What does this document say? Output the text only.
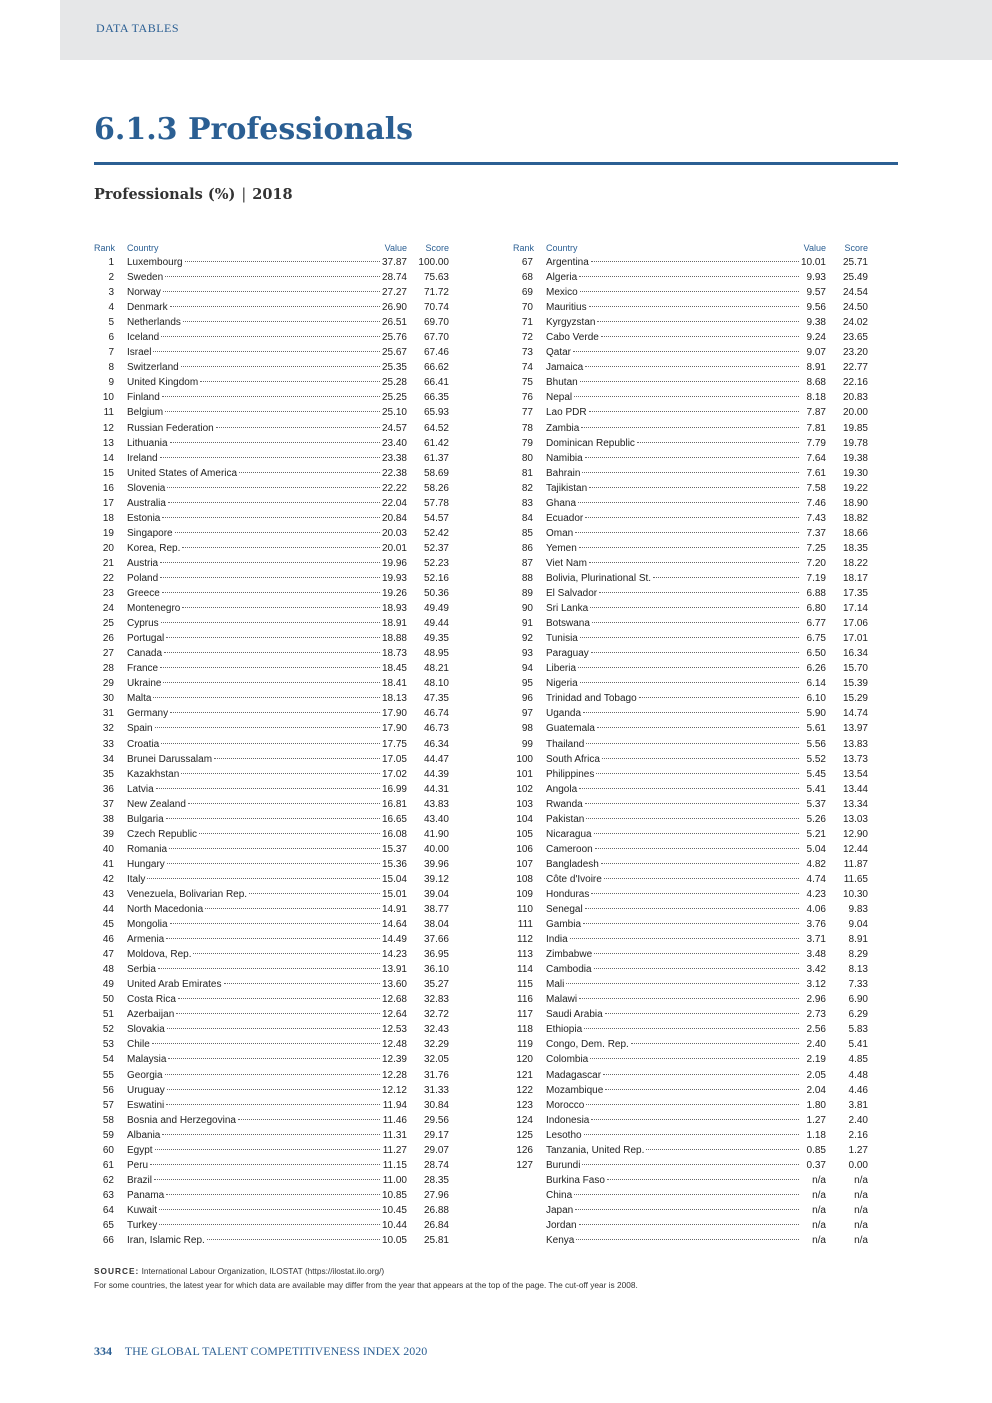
DATA TABLES
6.1.3 Professionals
Professionals (%) | 2018
Rank Country	Value	Score
1 Luxembourg	37.87	100.00
2 Sweden	28.74	75.63
3 Norway	27.27	71.72
4 Denmark	26.90	70.74
5 Netherlands	26.51	69.70
6 Iceland	25.76	67.70
7 Israel	25.67	67.46
8 Switzerland	25.35	66.62
9 United Kingdom	25.28	66.41
10 Finland	25.25	66.35
11 Belgium	25.10	65.93
12 Russian Federation	24.57	64.52
13 Lithuania	23.40	61.42
14 Ireland	23.38	61.37
15 United States of America	22.38	58.69
16 Slovenia	22.22	58.26
17 Australia	22.04	57.78
18 Estonia	20.84	54.57
19 Singapore	20.03	52.42
20 Korea, Rep.	20.01	52.37
21 Austria	19.96	52.23
22 Poland	19.93	52.16
23 Greece	19.26	50.36
24 Montenegro	18.93	49.49
25 Cyprus	18.91	49.44
26 Portugal	18.88	49.35
27 Canada	18.73	48.95
28 France	18.45	48.21
29 Ukraine	18.41	48.10
30 Malta	18.13	47.35
31 Germany	17.90	46.74
32 Spain	17.90	46.73
33 Croatia	17.75	46.34
34 Brunei Darussalam	17.05	44.47
35 Kazakhstan	17.02	44.39
36 Latvia	16.99	44.31
37 New Zealand	16.81	43.83
38 Bulgaria	16.65	43.40
39 Czech Republic	16.08	41.90
40 Romania	15.37	40.00
41 Hungary	15.36	39.96
42 Italy	15.04	39.12
43 Venezuela, Bolivarian Rep.	15.01	39.04
44 North Macedonia	14.91	38.77
45 Mongolia	14.64	38.04
46 Armenia	14.49	37.66
47 Moldova, Rep.	14.23	36.95
48 Serbia	13.91	36.10
49 United Arab Emirates	13.60	35.27
50 Costa Rica	12.68	32.83
51 Azerbaijan	12.64	32.72
52 Slovakia	12.53	32.43
53 Chile	12.48	32.29
54 Malaysia	12.39	32.05
55 Georgia	12.28	31.76
56 Uruguay	12.12	31.33
57 Eswatini	11.94	30.84
58 Bosnia and Herzegovina	11.46	29.56
59 Albania	11.31	29.17
60 Egypt	11.27	29.07
61 Peru	11.15	28.74
62 Brazil	11.00	28.35
63 Panama	10.85	27.96
64 Kuwait	10.45	26.88
65 Turkey	10.44	26.84
66 Iran, Islamic Rep.	10.05	25.81
Rank Country	Value	Score
67 Argentina	10.01	25.71
68 Algeria	9.93	25.49
69 Mexico	9.57	24.54
70 Mauritius	9.56	24.50
71 Kyrgyzstan	9.38	24.02
72 Cabo Verde	9.24	23.65
73 Qatar	9.07	23.20
74 Jamaica	8.91	22.77
75 Bhutan	8.68	22.16
76 Nepal	8.18	20.83
77 Lao PDR	7.87	20.00
78 Zambia	7.81	19.85
79 Dominican Republic	7.79	19.78
80 Namibia	7.64	19.38
81 Bahrain	7.61	19.30
82 Tajikistan	7.58	19.22
83 Ghana	7.46	18.90
84 Ecuador	7.43	18.82
85 Oman	7.37	18.66
86 Yemen	7.25	18.35
87 Viet Nam	7.20	18.22
88 Bolivia, Plurinational St.	7.19	18.17
89 El Salvador	6.88	17.35
90 Sri Lanka	6.80	17.14
91 Botswana	6.77	17.06
92 Tunisia	6.75	17.01
93 Paraguay	6.50	16.34
94 Liberia	6.26	15.70
95 Nigeria	6.14	15.39
96 Trinidad and Tobago	6.10	15.29
97 Uganda	5.90	14.74
98 Guatemala	5.61	13.97
99 Thailand	5.56	13.83
100 South Africa	5.52	13.73
101 Philippines	5.45	13.54
102 Angola	5.41	13.44
103 Rwanda	5.37	13.34
104 Pakistan	5.26	13.03
105 Nicaragua	5.21	12.90
106 Cameroon	5.04	12.44
107 Bangladesh	4.82	11.87
108 Côte d'Ivoire	4.74	11.65
109 Honduras	4.23	10.30
110 Senegal	4.06	9.83
111 Gambia	3.76	9.04
112 India	3.71	8.91
113 Zimbabwe	3.48	8.29
114 Cambodia	3.42	8.13
115 Mali	3.12	7.33
116 Malawi	2.96	6.90
117 Saudi Arabia	2.73	6.29
118 Ethiopia	2.56	5.83
119 Congo, Dem. Rep.	2.40	5.41
120 Colombia	2.19	4.85
121 Madagascar	2.05	4.48
122 Mozambique	2.04	4.46
123 Morocco	1.80	3.81
124 Indonesia	1.27	2.40
125 Lesotho	1.18	2.16
126 Tanzania, United Rep.	0.85	1.27
127 Burundi	0.37	0.00
Burkina Faso	n/a	n/a
China	n/a	n/a
Japan	n/a	n/a
Jordan	n/a	n/a
Kenya	n/a	n/a
SOURCE: International Labour Organization, ILOSTAT (https://ilostat.ilo.org/)
For some countries, the latest year for which data are available may differ from the year that appears at the top of the page. The cut-off year is 2008.
334 THE GLOBAL TALENT COMPETITIVENESS INDEX 2020
